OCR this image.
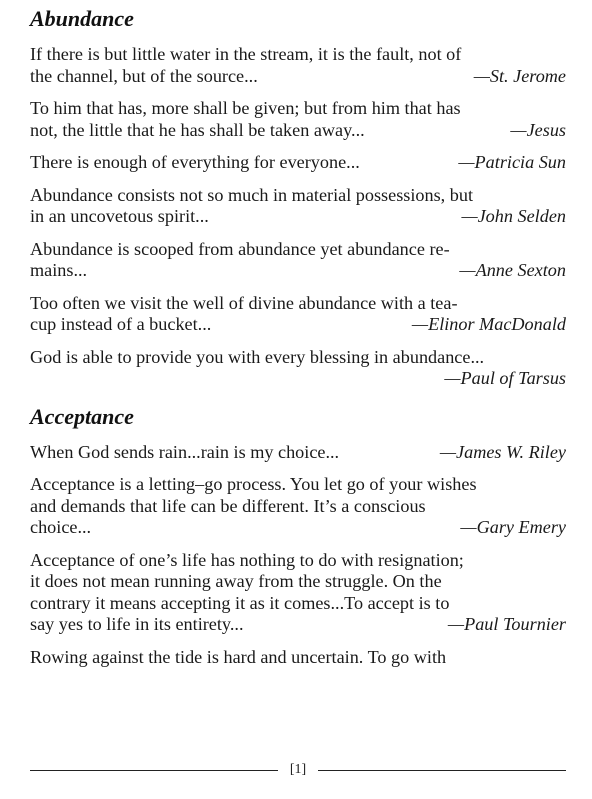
Abundance
If there is but little water in the stream, it is the fault, not of
the channel, but of the source...	—St. Jerome
To him that has, more shall be given; but from him that has
not, the little that he has shall be taken away...	—Jesus
There is enough of everything for everyone...	—Patricia Sun
Abundance consists not so much in material possessions, but
in an uncovetous spirit...	—John Selden
Abundance is scooped from abundance yet abundance re-
mains...	—Anne Sexton
Too often we visit the well of divine abundance with a tea-
cup instead of a bucket...	—Elinor MacDonald
God is able to provide you with every blessing in abundance...
—Paul of Tarsus
Acceptance
When God sends rain...rain is my choice...	—James W. Riley
Acceptance is a letting–go process. You let go of your wishes
and demands that life can be different. It’s a conscious
choice...	—Gary Emery
Acceptance of one’s life has nothing to do with resignation;
it does not mean running away from the struggle. On the
contrary it means accepting it as it comes...To accept is to
say yes to life in its entirety...	—Paul Tournier
Rowing against the tide is hard and uncertain. To go with
[1]
